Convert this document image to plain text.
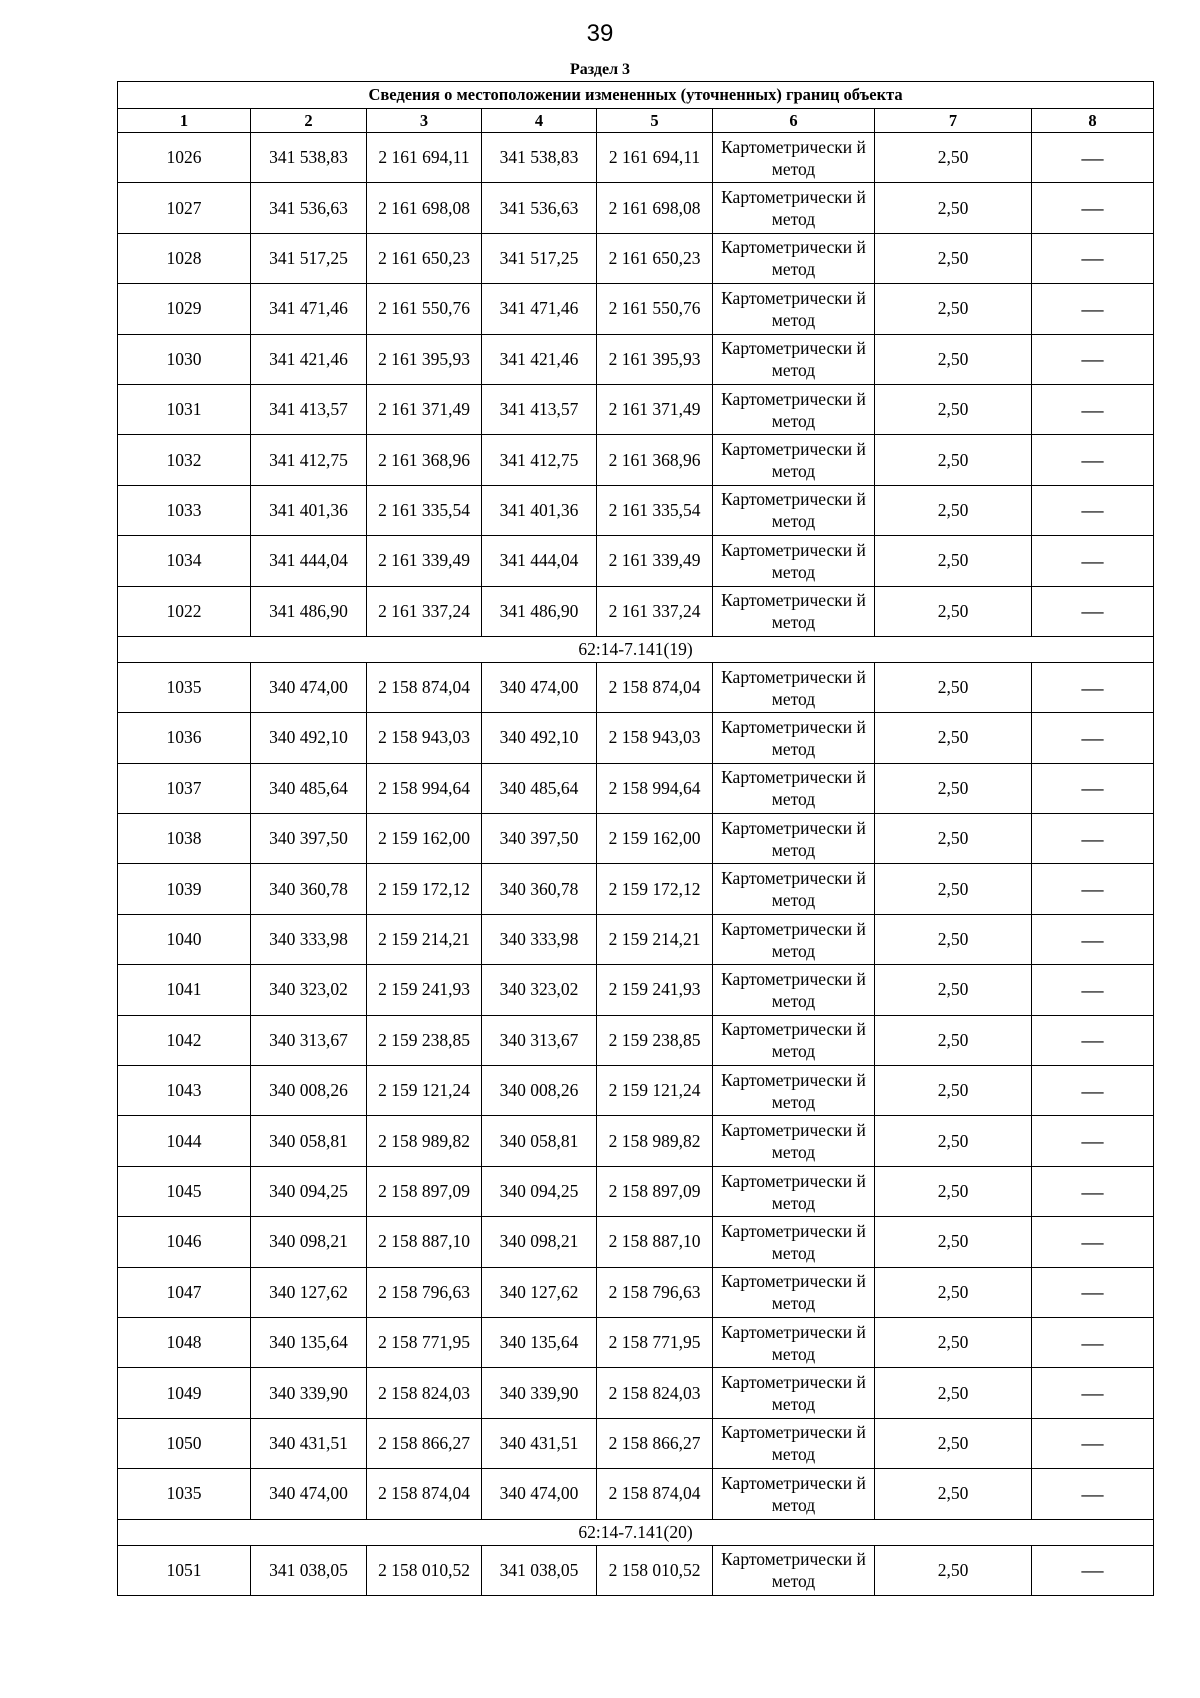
39
Раздел 3
Сведения о местоположении измененных (уточненных) границ объекта							
1	2	3	4	5	6	7	8
1026	341 538,83	2 161 694,11	341 538,83	2 161 694,11	Картометрически й метод	2,50	—
1027	341 536,63	2 161 698,08	341 536,63	2 161 698,08	Картометрически й метод	2,50	—
1028	341 517,25	2 161 650,23	341 517,25	2 161 650,23	Картометрически й метод	2,50	—
1029	341 471,46	2 161 550,76	341 471,46	2 161 550,76	Картометрически й метод	2,50	—
1030	341 421,46	2 161 395,93	341 421,46	2 161 395,93	Картометрически й метод	2,50	—
1031	341 413,57	2 161 371,49	341 413,57	2 161 371,49	Картометрически й метод	2,50	—
1032	341 412,75	2 161 368,96	341 412,75	2 161 368,96	Картометрически й метод	2,50	—
1033	341 401,36	2 161 335,54	341 401,36	2 161 335,54	Картометрически й метод	2,50	—
1034	341 444,04	2 161 339,49	341 444,04	2 161 339,49	Картометрически й метод	2,50	—
1022	341 486,90	2 161 337,24	341 486,90	2 161 337,24	Картометрически й метод	2,50	—
62:14-7.141(19)							
1035	340 474,00	2 158 874,04	340 474,00	2 158 874,04	Картометрически й метод	2,50	—
1036	340 492,10	2 158 943,03	340 492,10	2 158 943,03	Картометрически й метод	2,50	—
1037	340 485,64	2 158 994,64	340 485,64	2 158 994,64	Картометрически й метод	2,50	—
1038	340 397,50	2 159 162,00	340 397,50	2 159 162,00	Картометрически й метод	2,50	—
1039	340 360,78	2 159 172,12	340 360,78	2 159 172,12	Картометрически й метод	2,50	—
1040	340 333,98	2 159 214,21	340 333,98	2 159 214,21	Картометрически й метод	2,50	—
1041	340 323,02	2 159 241,93	340 323,02	2 159 241,93	Картометрически й метод	2,50	—
1042	340 313,67	2 159 238,85	340 313,67	2 159 238,85	Картометрически й метод	2,50	—
1043	340 008,26	2 159 121,24	340 008,26	2 159 121,24	Картометрически й метод	2,50	—
1044	340 058,81	2 158 989,82	340 058,81	2 158 989,82	Картометрически й метод	2,50	—
1045	340 094,25	2 158 897,09	340 094,25	2 158 897,09	Картометрически й метод	2,50	—
1046	340 098,21	2 158 887,10	340 098,21	2 158 887,10	Картометрически й метод	2,50	—
1047	340 127,62	2 158 796,63	340 127,62	2 158 796,63	Картометрически й метод	2,50	—
1048	340 135,64	2 158 771,95	340 135,64	2 158 771,95	Картометрически й метод	2,50	—
1049	340 339,90	2 158 824,03	340 339,90	2 158 824,03	Картометрически й метод	2,50	—
1050	340 431,51	2 158 866,27	340 431,51	2 158 866,27	Картометрически й метод	2,50	—
1035	340 474,00	2 158 874,04	340 474,00	2 158 874,04	Картометрически й метод	2,50	—
62:14-7.141(20)							
1051	341 038,05	2 158 010,52	341 038,05	2 158 010,52	Картометрически й метод	2,50	—
